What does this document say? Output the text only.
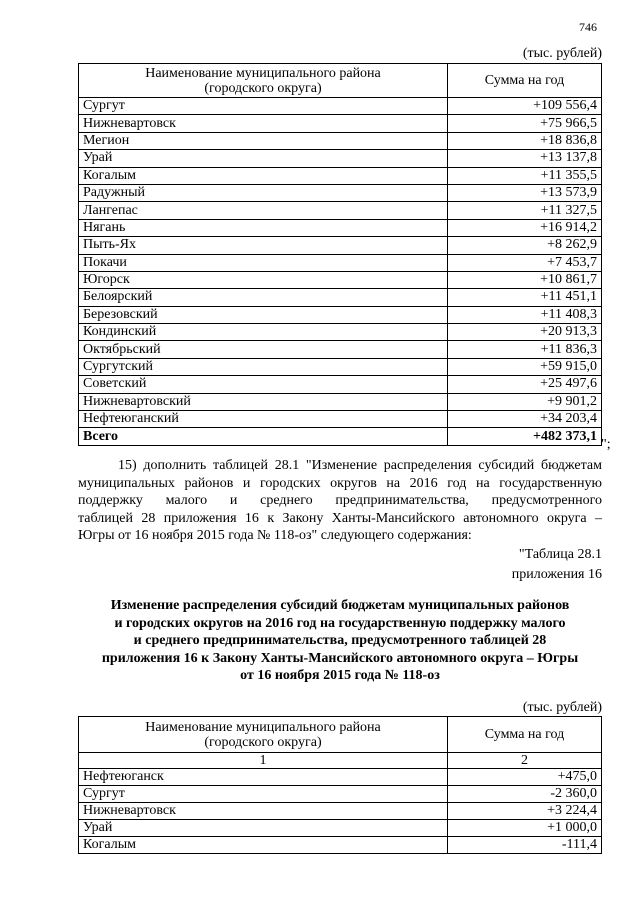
746
(тыс. рублей)
Наименование муниципального района
(городского округа)	Сумма на год
Сургут	+109 556,4
Нижневартовск	+75 966,5
Мегион	+18 836,8
Урай	+13 137,8
Когалым	+11 355,5
Радужный	+13 573,9
Лангепас	+11 327,5
Нягань	+16 914,2
Пыть-Ях	+8 262,9
Покачи	+7 453,7
Югорск	+10 861,7
Белоярский	+11 451,1
Березовский	+11 408,3
Кондинский	+20 913,3
Октябрьский	+11 836,3
Сургутский	+59 915,0
Советский	+25 497,6
Нижневартовский	+9 901,2
Нефтеюганский	+34 203,4
Всего	+482 373,1
";
15) дополнить таблицей 28.1 "Изменение распределения субсидий бюджетам
муниципальных районов и городских округов на 2016 год на государственную
поддержку малого и среднего предпринимательства, предусмотренного
таблицей 28 приложения 16 к Закону Ханты-Мансийского автономного округа –
Югры от 16 ноября 2015 года № 118-оз" следующего содержания:
"Таблица 28.1
приложения 16
Изменение распределения субсидий бюджетам муниципальных районов
и городских округов на 2016 год на государственную поддержку малого
и среднего предпринимательства, предусмотренного таблицей 28
приложения 16 к Закону Ханты-Мансийского автономного округа – Югры
от 16 ноября 2015 года № 118-оз
(тыс. рублей)
Наименование муниципального района
(городского округа)	Сумма на год
1	2
Нефтеюганск	+475,0
Сургут	-2 360,0
Нижневартовск	+3 224,4
Урай	+1 000,0
Когалым	-111,4
